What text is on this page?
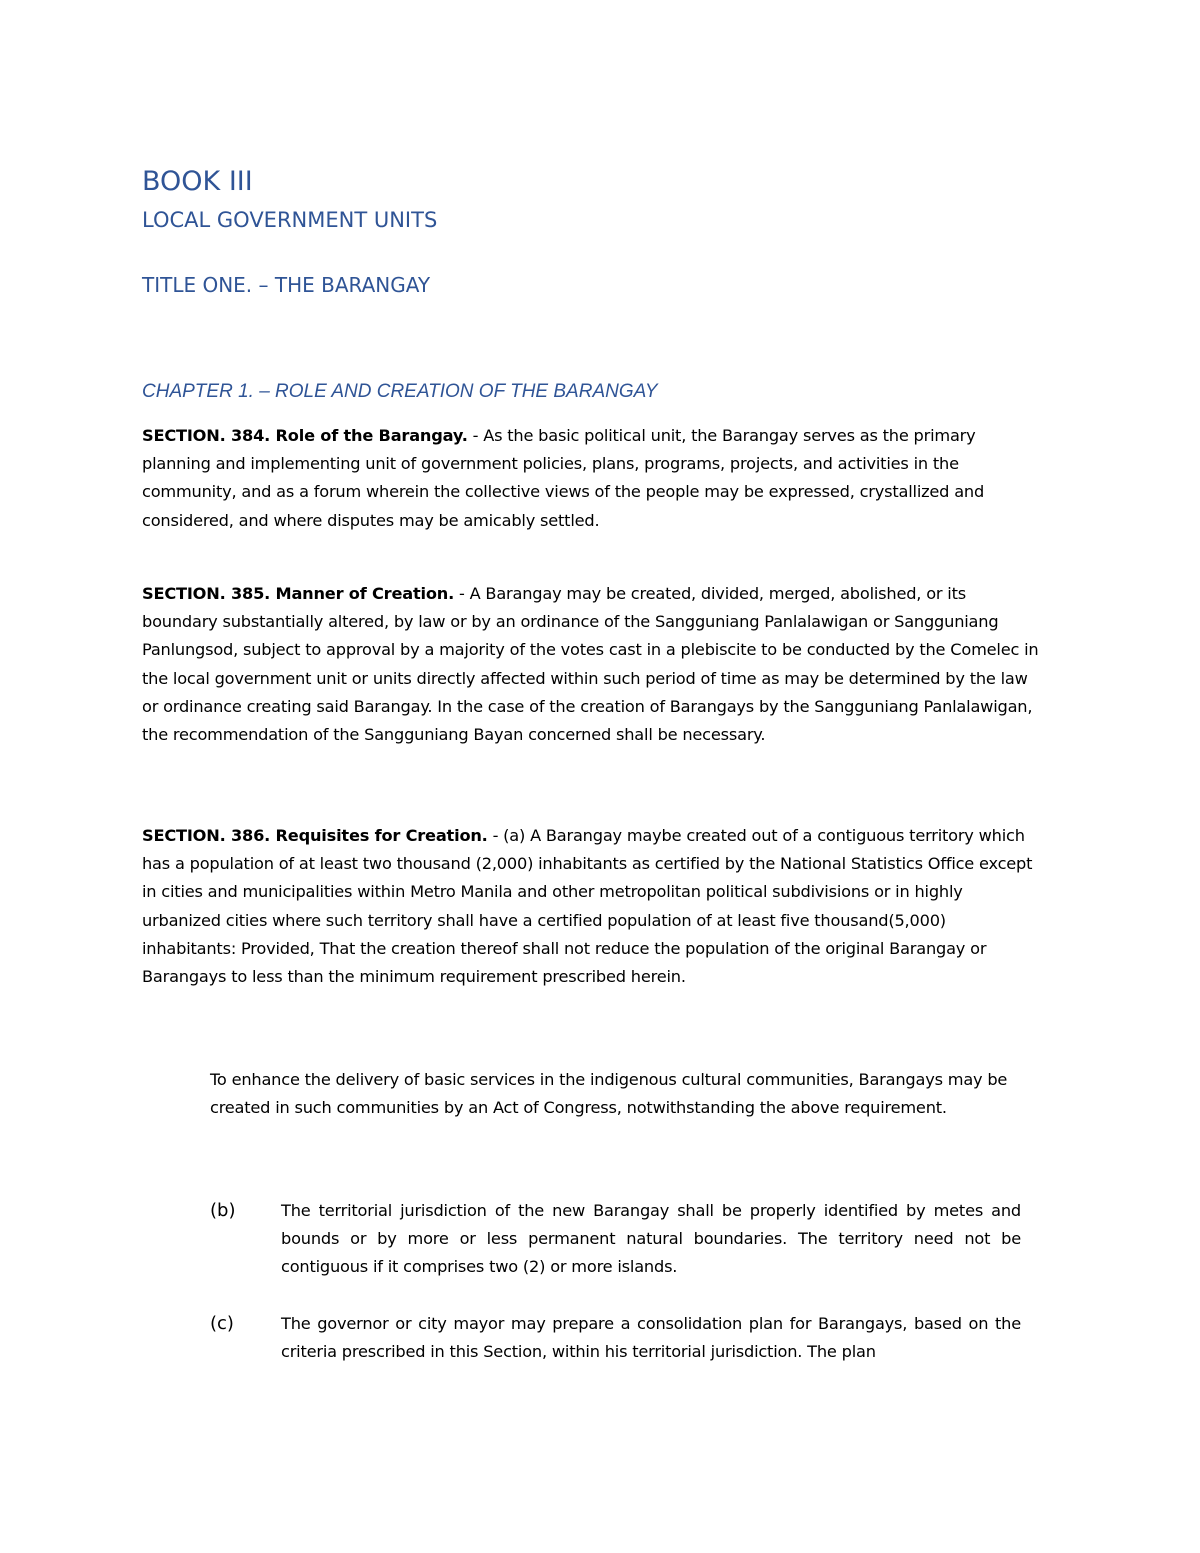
BOOK III
LOCAL GOVERNMENT UNITS
TITLE ONE. – THE BARANGAY
CHAPTER 1. – ROLE AND CREATION OF THE BARANGAY
SECTION. 384. Role of the Barangay. - As the basic political unit, the Barangay serves as the primary planning and implementing unit of government policies, plans, programs, projects, and activities in the community, and as a forum wherein the collective views of the people may be expressed, crystallized and considered, and where disputes may be amicably settled.
SECTION. 385. Manner of Creation. - A Barangay may be created, divided, merged, abolished, or its boundary substantially altered, by law or by an ordinance of the Sangguniang Panlalawigan or Sangguniang Panlungsod, subject to approval by a majority of the votes cast in a plebiscite to be conducted by the Comelec in the local government unit or units directly affected within such period of time as may be determined by the law or ordinance creating said Barangay. In the case of the creation of Barangays by the Sangguniang Panlalawigan, the recommendation of the Sangguniang Bayan concerned shall be necessary.
SECTION. 386. Requisites for Creation. - (a) A Barangay maybe created out of a contiguous territory which has a population of at least two thousand (2,000) inhabitants as certified by the National Statistics Office except in cities and municipalities within Metro Manila and other metropolitan political subdivisions or in highly urbanized cities where such territory shall have a certified population of at least five thousand(5,000) inhabitants: Provided, That the creation thereof shall not reduce the population of the original Barangay or Barangays to less than the minimum requirement prescribed herein.
To enhance the delivery of basic services in the indigenous cultural communities, Barangays may be created in such communities by an Act of Congress, notwithstanding the above requirement.
(b)	The territorial jurisdiction of the new Barangay shall be properly identified by metes and bounds or by more or less permanent natural boundaries. The territory need not be contiguous if it comprises two (2) or more islands.
(c)	The governor or city mayor may prepare a consolidation plan for Barangays, based on the criteria prescribed in this Section, within his territorial jurisdiction. The plan
